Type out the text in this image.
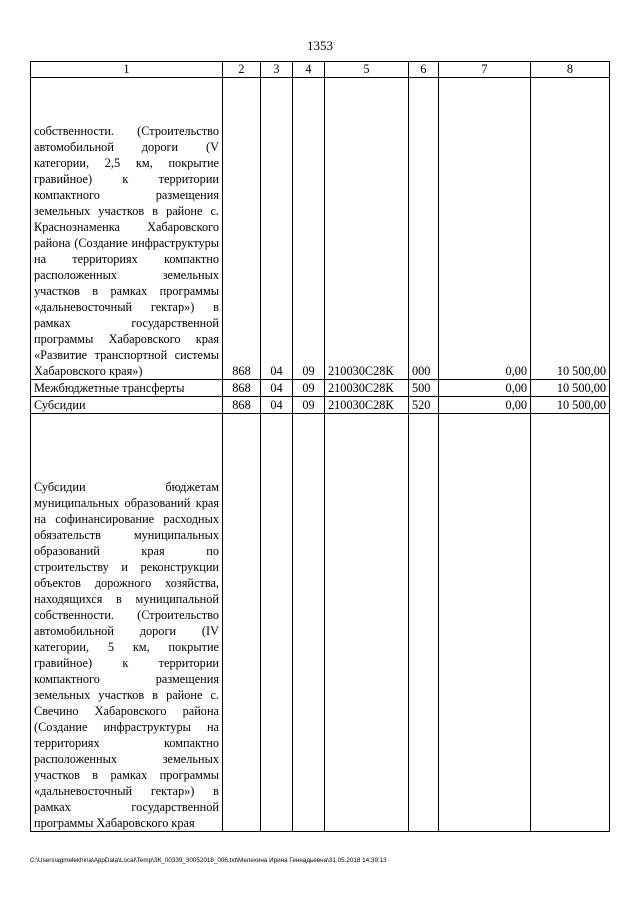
1353
1	2	3	4	5	6	7	8

собственности. (Строительство автомобильной дороги (V категории, 2,5 км, покрытие гравийное) к территории компактного размещения земельных участков в районе с. Краснознаменка Хабаровского района (Создание инфраструктуры на территориях компактно расположенных земельных участков в рамках программы «дальневосточный гектар») в рамках государственной программы Хабаровского края «Развитие транспортной системы Хабаровского края»)	868	04	09	210030С28К	000	0,00	10 500,00
Межбюджетные трансферты	868	04	09	210030С28К	500	0,00	10 500,00
Субсидии	868	04	09	210030С28К	520	0,00	10 500,00

Субсидии бюджетам муниципальных образований края на софинансирование расходных обязательств муниципальных образований края по строительству и реконструкции объектов дорожного хозяйства, находящихся в муниципальной собственности. (Строительство автомобильной дороги (IV категории, 5 км, покрытие гравийное) к территории компактного размещения земельных участков в районе с. Свечино Хабаровского района (Создание инфраструктуры на территориях компактно расположенных земельных участков в рамках программы «дальневосточный гектар») в рамках государственной программы Хабаровского края							

C:\Users\agmelekhina\AppData\Local\Temp\ЗК_00339_30052018_006.txt\Мелехина Ирина Геннадьевна\31.05.2018 14:39:13
